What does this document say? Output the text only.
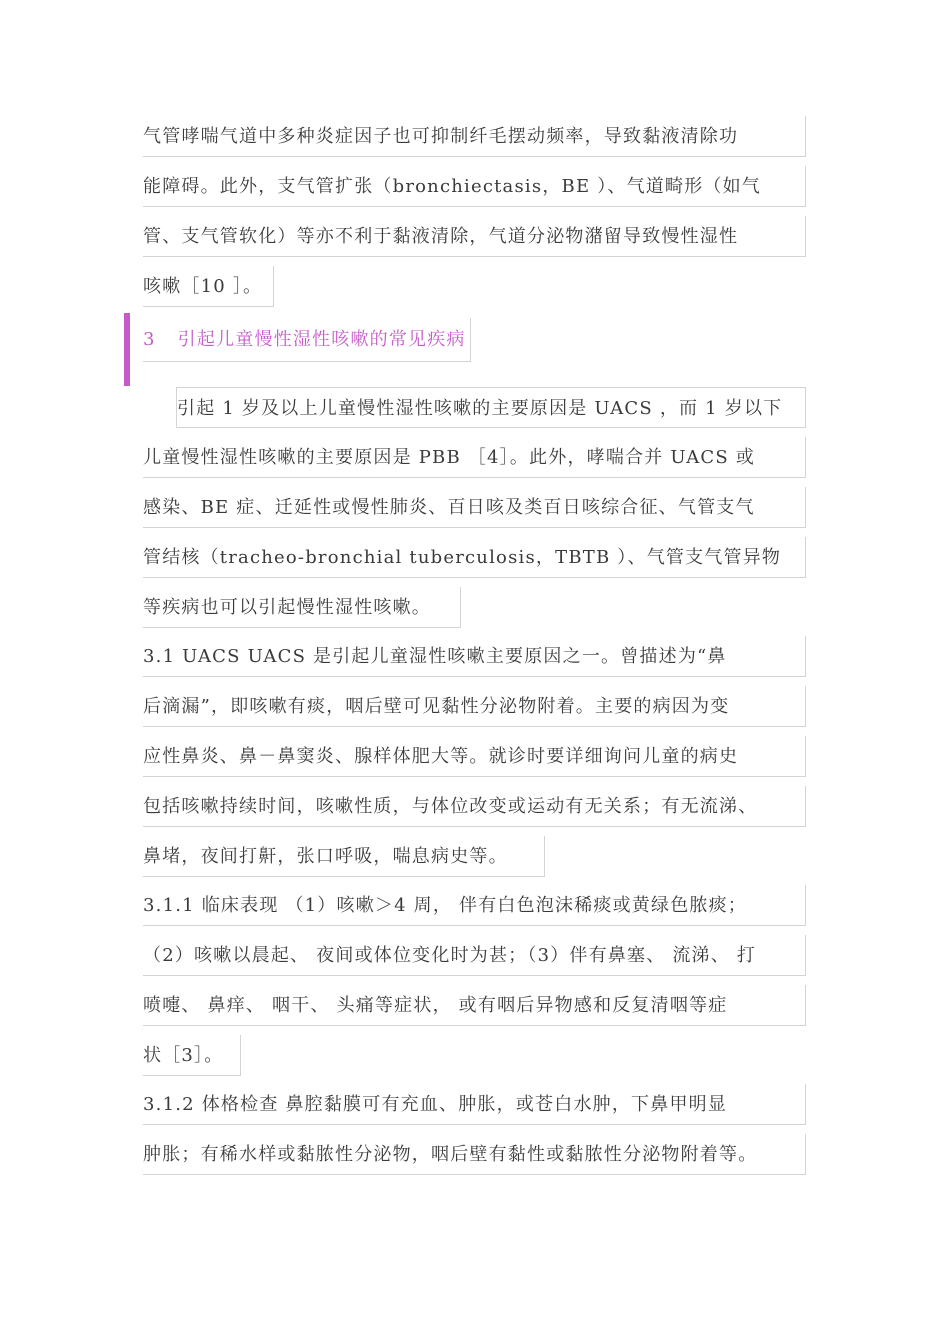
气管哮喘气道中多种炎症因子也可抑制纤毛摆动频率，导致黏液清除功
能障碍。此外，支气管扩张（bronchiectasis，BE ）、气道畸形（如气
管、支气管软化）等亦不利于黏液清除，气道分泌物潴留导致慢性湿性
咳嗽［10 ］。
3 引起儿童慢性湿性咳嗽的常见疾病
引起 1 岁及以上儿童慢性湿性咳嗽的主要原因是 UACS ，而 1 岁以下
儿童慢性湿性咳嗽的主要原因是 PBB ［4］。此外，哮喘合并 UACS 或
感染、BE 症、迁延性或慢性肺炎、百日咳及类百日咳综合征、气管支气
管结核（tracheo-bronchial tuberculosis，TBTB ）、气管支气管异物
等疾病也可以引起慢性湿性咳嗽。
3.1 UACS UACS 是引起儿童湿性咳嗽主要原因之一。曾描述为“鼻
后滴漏”，即咳嗽有痰，咽后壁可见黏性分泌物附着。主要的病因为变
应性鼻炎、鼻－鼻窦炎、腺样体肥大等。就诊时要详细询问儿童的病史
包括咳嗽持续时间，咳嗽性质，与体位改变或运动有无关系；有无流涕、
鼻堵，夜间打鼾，张口呼吸，喘息病史等。
3.1.1 临床表现 （1）咳嗽＞4 周， 伴有白色泡沫稀痰或黄绿色脓痰；
（2）咳嗽以晨起、 夜间或体位变化时为甚；（3）伴有鼻塞、 流涕、 打
喷嚏、 鼻痒、 咽干、 头痛等症状， 或有咽后异物感和反复清咽等症
状［3］。
3.1.2 体格检查 鼻腔黏膜可有充血、肿胀，或苍白水肿，下鼻甲明显
肿胀；有稀水样或黏脓性分泌物，咽后壁有黏性或黏脓性分泌物附着等。
